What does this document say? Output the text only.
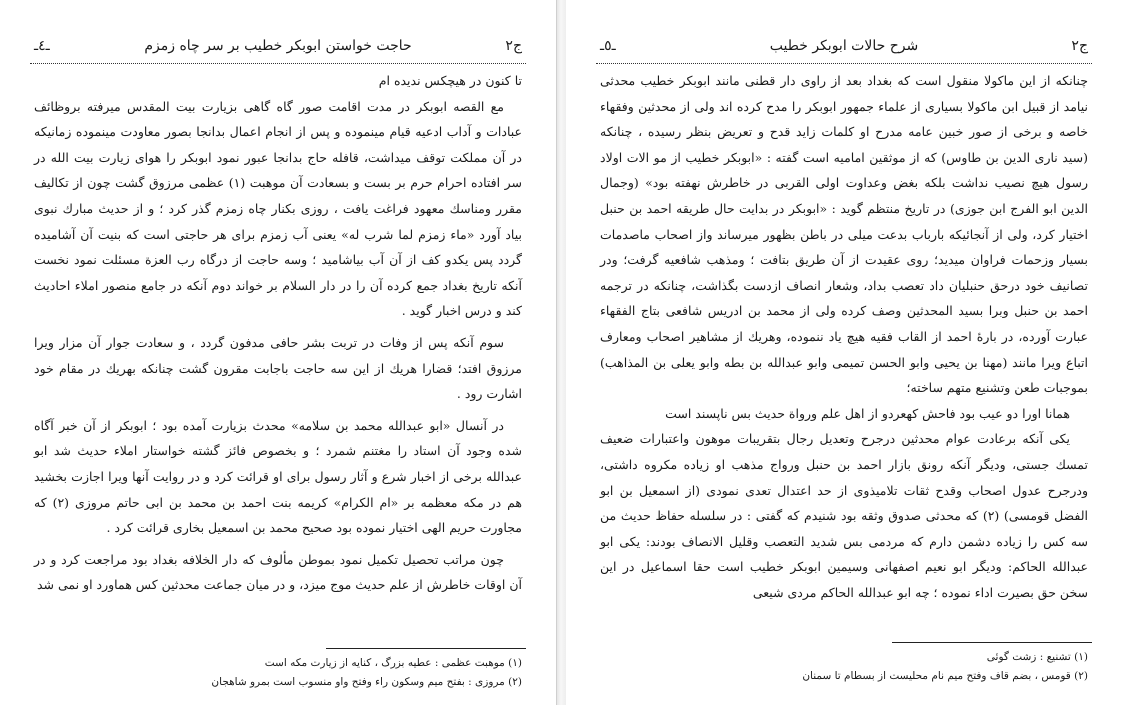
ج۲
حاجت خواستن ابوبکر خطیب بر سر چاه زمزم
ـ٤ـ

تا کنون در هیچکس ندیده ام

مع القصه ابوبکر در مدت اقامت صور گاه گاهی بزیارت بیت المقدس میرفته بروظائف عبادات و آداب ادعیه قیام مینموده و پس از انجام اعمال بدانجا بصور معاودت مینموده زمانیکه در آن مملکت توقف میداشت، قافله حاج بدانجا عبور نمود ابوبکر را هوای زیارت بیت الله در سر افتاده احرام حرم بر بست و بسعادت آن موهبت (۱) عظمی مرزوق گشت چون از تکالیف مقرر ومناسك معهود فراغت یافت ، روزی بکنار چاه زمزم گذر کرد ؛ و از حدیث مبارك نبوی بیاد آورد «ماء زمزم لما شرب له» یعنی آب زمزم برای هر حاجتی است که بنیت آن آشامیده گردد پس یکدو کف از آن آب بیاشامید ؛ وسه حاجت از درگاه رب العزة مسئلت نمود نخست آنکه تاریخ بغداد جمع کرده آن را در دار السلام بر خواند دوم آنکه در جامع منصور املاء احادیث کند و درس اخبار گوید .

سوم آنکه پس از وفات در تربت بشر حافی مدفون گردد ، و سعادت جوار آن مزار ویرا مرزوق افتد؛ قضارا هریك از این سه حاجت باجابت مقرون گشت چنانکه بهریك در مقام خود اشارت رود .

در آنسال «ابو عبدالله محمد بن سلامه» محدث بزیارت آمده بود ؛ ابوبکر از آن خبر آگاه شده وجود آن استاد را مغتنم شمرد ؛ و بخصوص فائز گشته خواستار املاء حدیث شد ابو عبدالله برخی از اخبار شرع و آثار رسول برای او قرائت کرد و در روایت آنها ویرا اجازت بخشید هم در مکه معظمه بر «ام الکرام» کریمه بنت احمد بن محمد بن ابی حاتم مروزی (۲) که مجاورت حریم الهی اختیار نموده بود صحیح محمد بن اسمعیل بخاری قرائت کرد .

چون مراتب تحصیل تکمیل نمود بموطن مألوف که دار الخلافه بغداد بود مراجعت کرد و در آن اوقات خاطرش از علم حدیث موج میزد، و در میان جماعت محدثین کس هماورد او نمی شد

(۱) موهبت عظمی : عطیه بزرگ ، کنایه از زیارت مکه است

(۲) مروزی : بفتح میم وسکون راء وفتح واو منسوب است بمرو شاهجان

ج۲
شرح حالات ابوبکر خطیب
ـ٥ـ

چنانکه از این ماکولا منقول است که بغداد بعد از راوی دار قطنی مانند ابوبکر خطیب محدثی نیامد از قبیل ابن ماکولا بسیاری از علماء جمهور ابوبکر را مدح کرده اند ولی از محدثین وفقهاء خاصه و برخی از صور خبین عامه مدرح او کلمات زاید قدح و تعریض بنظر رسیده ، چنانکه (سید ناری الدین بن طاوس) که از موثقین امامیه است گفته : «ابوبکر خطیب از مو الات اولاد رسول هیچ نصیب نداشت بلکه بغض وعداوت اولی القربی در خاطرش نهفته بود» (وجمال الدین ابو الفرج ابن جوزی) در تاریخ منتظم گوید : «ابوبکر در بدایت حال طریقه احمد بن حنبل اختیار کرد، ولی از آنجائیکه بارباب بدعت میلی در باطن بظهور میرساند واز اصحاب ماصدمات بسیار وزحمات فراوان میدید؛ روی عقیدت از آن طریق بتافت ؛ ومذهب شافعیه گرفت؛ ودر تصانیف خود درحق حنبلیان داد تعصب بداد، وشعار انصاف ازدست بگذاشت، چنانکه در ترجمه احمد بن حنبل وبرا بسید المحدثین وصف کرده ولی از محمد بن ادریس شافعی بتاج الفقهاء عبارت آورده، در بارهٔ احمد از القاب فقیه هیچ یاد ننموده، وهریك از مشاهیر اصحاب ومعارف اتباع ویرا مانند (مهنا بن یحیی وابو الحسن تمیمی وابو عبدالله بن بطه وابو یعلی بن المذاهب) بموجبات طعن وتشنیع متهم ساخته؛

همانا اورا دو عیب بود فاحش کهعردو از اهل علم ورواة حدیث بس ناپسند است

یکی آنکه برعادت عوام محدثین درجرح وتعدیل رجال بتقریبات موهون واعتبارات ضعیف تمسك جستی، ودیگر آنکه رونق بازار احمد بن حنبل ورواج مذهب او زیاده مکروه داشتی، ودرجرح عدول اصحاب وقدح ثقات تلامیذوی از حد اعتدال تعدی نمودی (از اسمعیل بن ابو الفضل قومسی) (۲) که محدثی صدوق وثقه بود شنیدم که گفتی : در سلسله حفاظ حدیث من سه کس را زیاده دشمن دارم که مردمی بس شدید التعصب وقلیل الانصاف بودند: یکی ابو عبدالله الحاکم: ودیگر ابو نعیم اصفهانی وسیمین ابوبکر خطیب است حقا اسماعیل در این سخن حق بصیرت اداء نموده ؛ چه ابو عبدالله الحاکم مردی شیعی

(۱) تشنیع : زشت گوئی

(۲) قومس ، بضم قاف وفتح میم نام محلیست از بسطام تا سمنان
